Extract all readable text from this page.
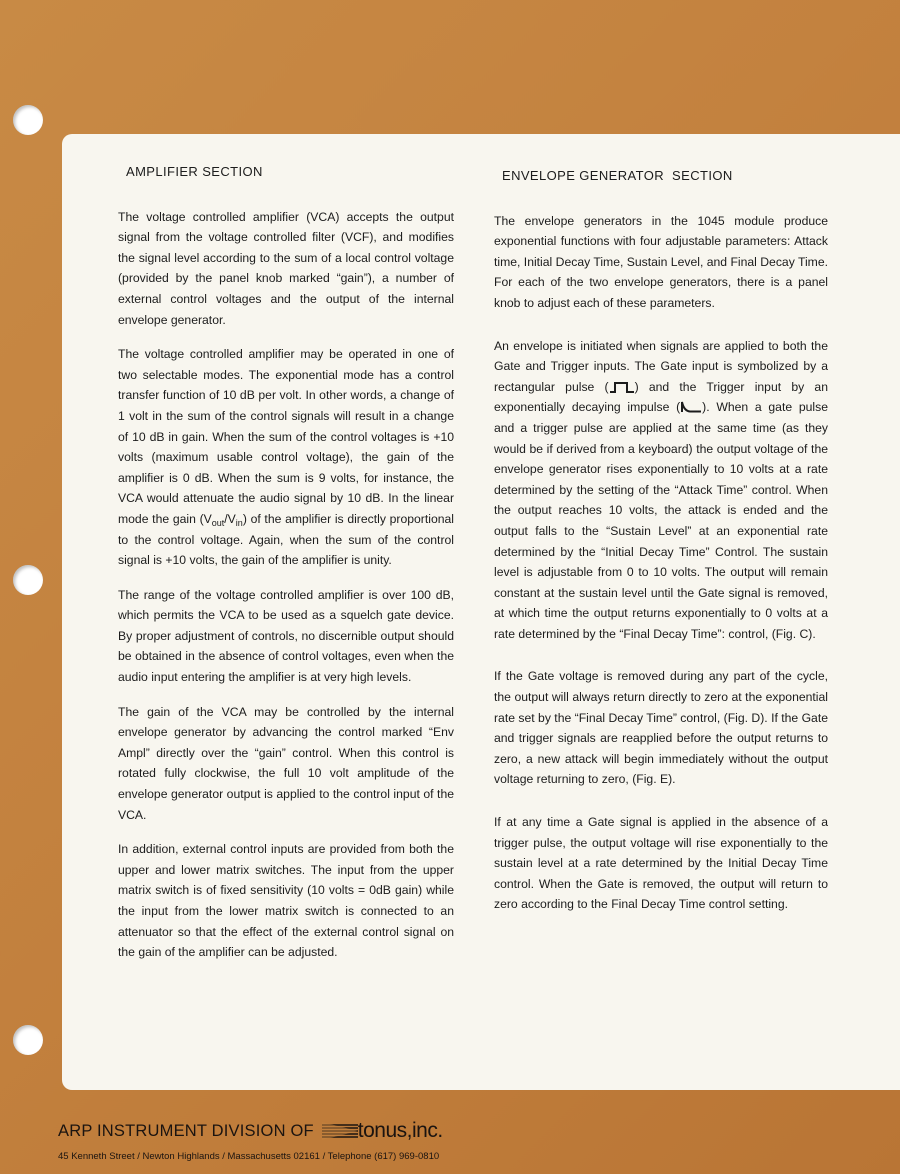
AMPLIFIER SECTION

The voltage controlled amplifier (VCA) accepts the output signal from the voltage controlled filter (VCF), and modifies the signal level according to the sum of a local control voltage (provided by the panel knob marked “gain”), a number of external control voltages and the output of the internal envelope generator.

The voltage controlled amplifier may be operated in one of two selectable modes. The exponential mode has a control transfer function of 10 dB per volt. In other words, a change of 1 volt in the sum of the control signals will result in a change of 10 dB in gain. When the sum of the control voltages is +10 volts (maximum usable control voltage), the gain of the amplifier is 0 dB. When the sum is 9 volts, for instance, the VCA would attenuate the audio signal by 10 dB. In the linear mode the gain $(V_{out}/V_{in})$ of the amplifier is directly proportional to the control voltage. Again, when the sum of the control signal is +10 volts, the gain of the amplifier is unity.

The range of the voltage controlled amplifier is over 100 dB, which permits the VCA to be used as a squelch gate device. By proper adjustment of controls, no discernible output should be obtained in the absence of control voltages, even when the audio input entering the amplifier is at very high levels.

The gain of the VCA may be controlled by the internal envelope generator by advancing the control marked “Env Ampl” directly over the “gain” control. When this control is rotated fully clockwise, the full 10 volt amplitude of the envelope generator output is applied to the control input of the VCA.

In addition, external control inputs are provided from both the upper and lower matrix switches. The input from the upper matrix switch is of fixed sensitivity (10 volts = 0dB gain) while the input from the lower matrix switch is connected to an attenuator so that the effect of the external control signal on the gain of the amplifier can be adjusted.

ENVELOPE GENERATOR  SECTION

The envelope generators in the 1045 module produce exponential functions with four adjustable parameters: Attack time, Initial Decay Time, Sustain Level, and Final Decay Time. For each of the two envelope generators, there is a panel knob to adjust each of these parameters.

An envelope is initiated when signals are applied to both the Gate and Trigger inputs. The Gate input is symbolized by a rectangular pulse ( ) and the Trigger input by an exponentially decaying impulse ( ). When a gate pulse and a trigger pulse are applied at the same time (as they would be if derived from a keyboard) the output voltage of the envelope generator rises exponentially to 10 volts at a rate determined by the setting of the “Attack Time” control. When the output reaches 10 volts, the attack is ended and the output falls to the “Sustain Level” at an exponential rate determined by the “Initial Decay Time” Control. The sustain level is adjustable from 0 to 10 volts. The output will remain constant at the sustain level until the Gate signal is removed, at which time the output returns exponentially to 0 volts at a rate determined by the “Final Decay Time”: control, (Fig. C).

If the Gate voltage is removed during any part of the cycle, the output will always return directly to zero at the exponential rate set by the “Final Decay Time” control, (Fig. D). If the Gate and trigger signals are reapplied before the output returns to zero, a new attack will begin immediately without the output voltage returning to zero, (Fig. E).

If at any time a Gate signal is applied in the absence of a trigger pulse, the output voltage will rise exponentially to the sustain level at a rate determined by the Initial Decay Time control. When the Gate is removed, the output will return to zero according to the Final Decay Time control setting.

ARP INSTRUMENT DIVISION OF tonus,inc.
45 Kenneth Street / Newton Highlands / Massachusetts 02161 / Telephone (617) 969-0810
